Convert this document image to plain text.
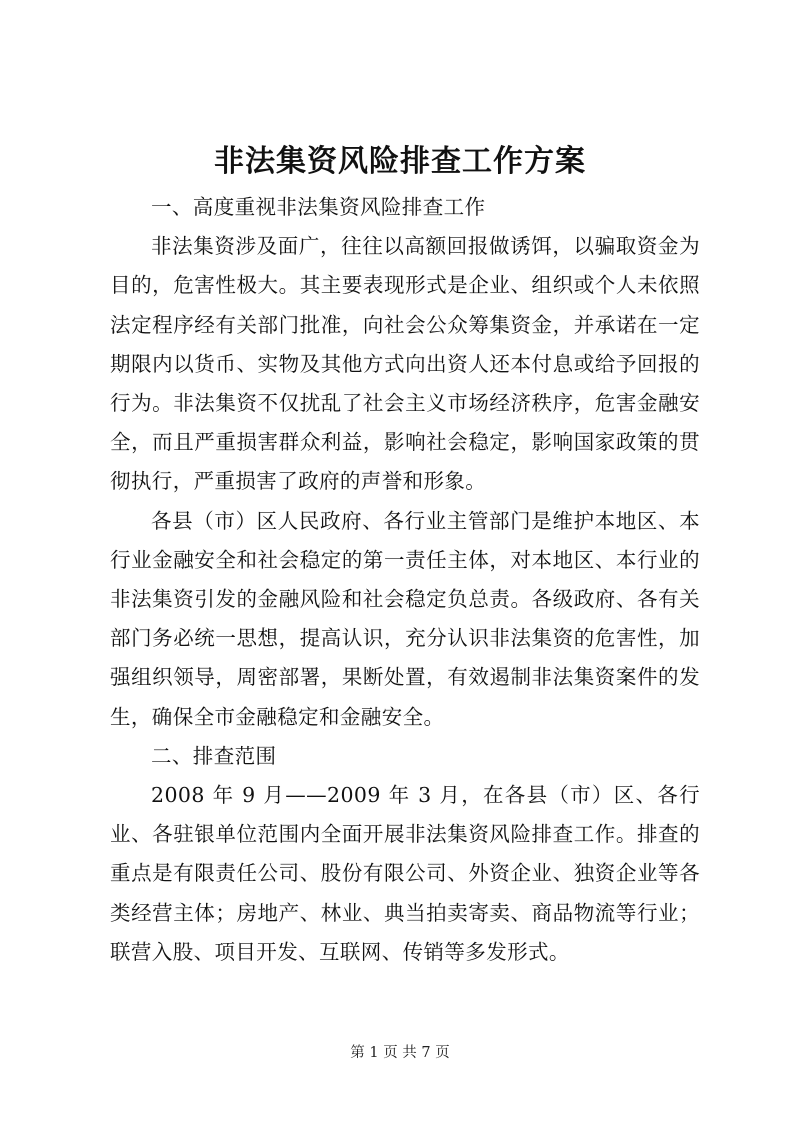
非法集资风险排查工作方案

一、高度重视非法集资风险排查工作

非法集资涉及面广，往往以高额回报做诱饵，以骗取资金为目的，危害性极大。其主要表现形式是企业、组织或个人未依照法定程序经有关部门批准，向社会公众筹集资金，并承诺在一定期限内以货币、实物及其他方式向出资人还本付息或给予回报的行为。非法集资不仅扰乱了社会主义市场经济秩序，危害金融安全，而且严重损害群众利益，影响社会稳定，影响国家政策的贯彻执行，严重损害了政府的声誉和形象。

各县（市）区人民政府、各行业主管部门是维护本地区、本行业金融安全和社会稳定的第一责任主体，对本地区、本行业的非法集资引发的金融风险和社会稳定负总责。各级政府、各有关部门务必统一思想，提高认识，充分认识非法集资的危害性，加强组织领导，周密部署，果断处置，有效遏制非法集资案件的发生，确保全市金融稳定和金融安全。

二、排查范围

2008 年 9 月——2009 年 3 月，在各县（市）区、各行业、各驻银单位范围内全面开展非法集资风险排查工作。排查的重点是有限责任公司、股份有限公司、外资企业、独资企业等各类经营主体；房地产、林业、典当拍卖寄卖、商品物流等行业；联营入股、项目开发、互联网、传销等多发形式。

第 1 页 共 7 页
